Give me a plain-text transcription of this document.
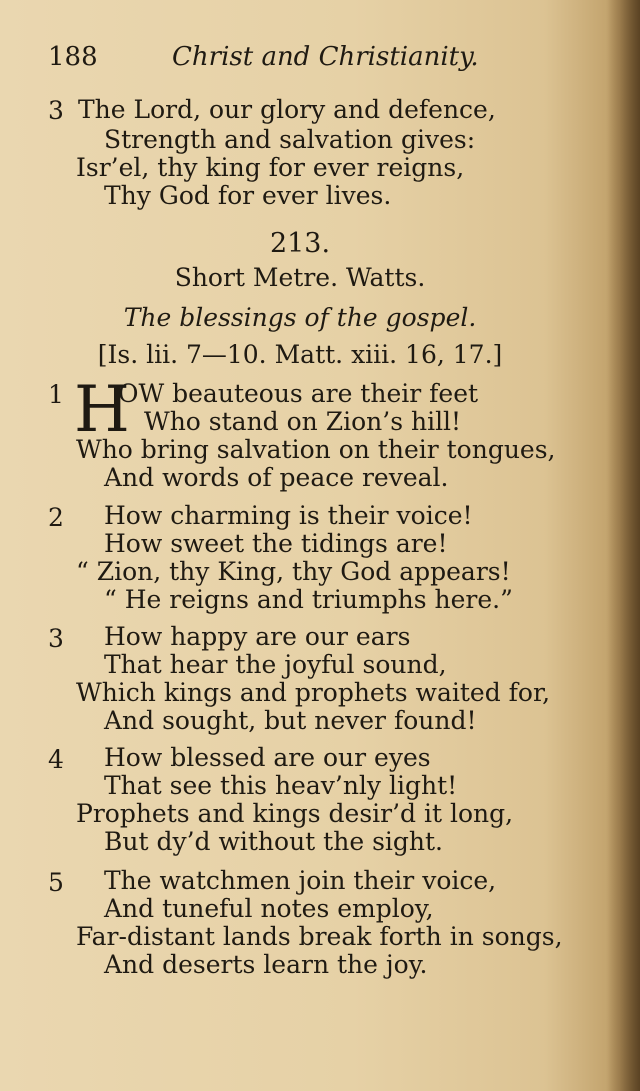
188	Christ and Christianity.
3 The Lord, our glory and defence,
Strength and salvation gives:
Isr’el, thy king for ever reigns,
Thy God for ever lives.
213.
Short Metre. Watts.
The blessings of the gospel.
[Is. lii. 7—10. Matt. xiii. 16, 17.]
1 H
OW beauteous are their feet
Who stand on Zion’s hill!
Who bring salvation on their tongues,
And words of peace reveal.
2 How charming is their voice!
How sweet the tidings are!
“ Zion, thy King, thy God appears!
“ He reigns and triumphs here.”
3 How happy are our ears
That hear the joyful sound,
Which kings and prophets waited for,
And sought, but never found!
4 How blessed are our eyes
That see this heav’nly light!
Prophets and kings desir’d it long,
But dy’d without the sight.
5 The watchmen join their voice,
And tuneful notes employ,
Far-distant lands break forth in songs,
And deserts learn the joy.
